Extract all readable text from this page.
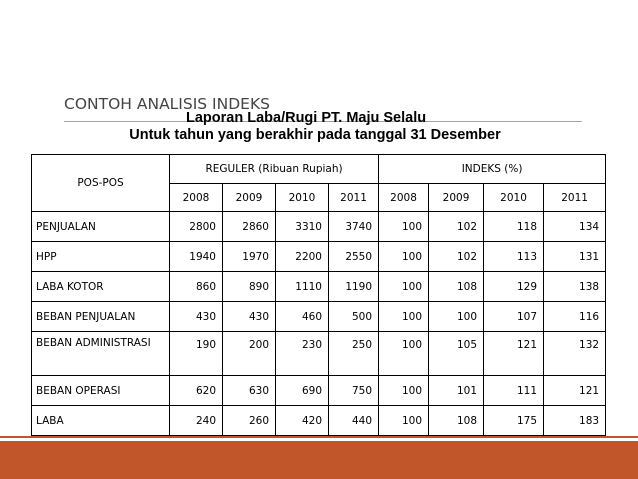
CONTOH ANALISIS INDEKS
Laporan Laba/Rugi PT. Maju Selalu
Untuk tahun yang berakhir pada tanggal 31 Desember
POS-POS	REGULER (Ribuan Rupiah)				INDEKS (%)			
	2008	2009	2010	2011	2008	2009	2010	2011
PENJUALAN	2800	2860	3310	3740	100	102	118	134
HPP	1940	1970	2200	2550	100	102	113	131
LABA KOTOR	860	890	1110	1190	100	108	129	138
BEBAN PENJUALAN	430	430	460	500	100	100	107	116
BEBAN ADMINISTRASI	190	200	230	250	100	105	121	132
BEBAN OPERASI	620	630	690	750	100	101	111	121
LABA	240	260	420	440	100	108	175	183
